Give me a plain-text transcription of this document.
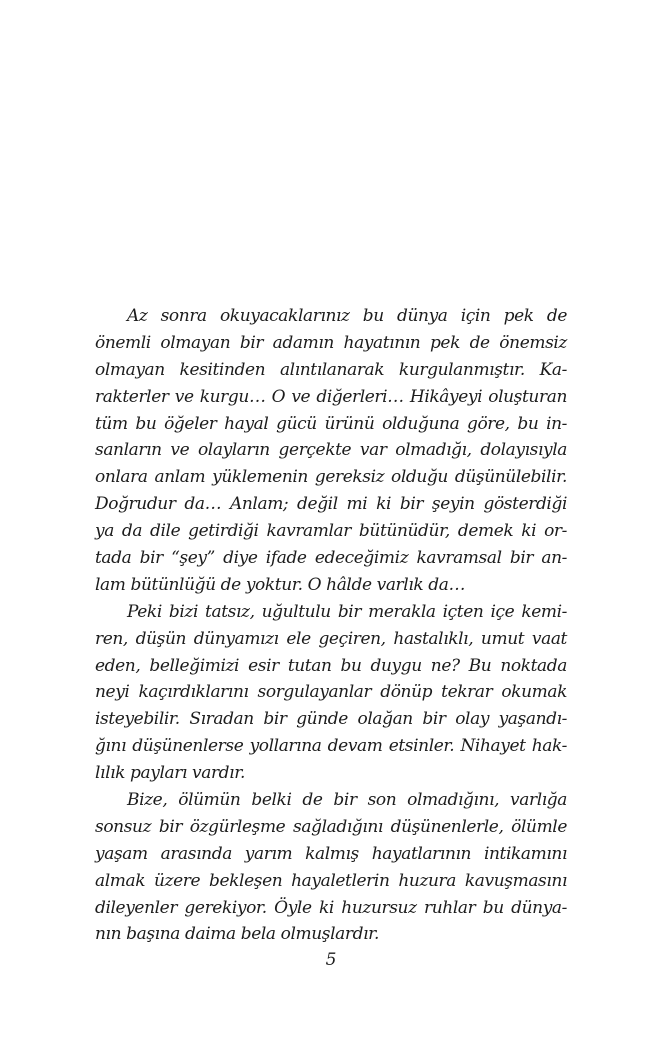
Az sonra okuyacaklarınız bu dünya için pek de
önemli olmayan bir adamın hayatının pek de önemsiz
olmayan kesitinden alıntılanarak kurgulanmıştır. Ka-
rakterler ve kurgu… O ve diğerleri… Hikâyeyi oluşturan
tüm bu öğeler hayal gücü ürünü olduğuna göre, bu in-
sanların ve olayların gerçekte var olmadığı, dolayısıyla
onlara anlam yüklemenin gereksiz olduğu düşünülebilir.
Doğrudur da… Anlam; değil mi ki bir şeyin gösterdiği
ya da dile getirdiği kavramlar bütünüdür, demek ki or-
tada bir “şey” diye ifade edeceğimiz kavramsal bir an-
lam bütünlüğü de yoktur. O hâlde varlık da…
Peki bizi tatsız, uğultulu bir merakla içten içe kemi-
ren, düşün dünyamızı ele geçiren, hastalıklı, umut vaat
eden, belleğimizi esir tutan bu duygu ne? Bu noktada
neyi kaçırdıklarını sorgulayanlar dönüp tekrar okumak
isteyebilir. Sıradan bir günde olağan bir olay yaşandı-
ğını düşünenlerse yollarına devam etsinler. Nihayet hak-
lılık payları vardır.
Bize, ölümün belki de bir son olmadığını, varlığa
sonsuz bir özgürleşme sağladığını düşünenlerle, ölümle
yaşam arasında yarım kalmış hayatlarının intikamını
almak üzere bekleşen hayaletlerin huzura kavuşmasını
dileyenler gerekiyor. Öyle ki huzursuz ruhlar bu dünya-
nın başına daima bela olmuşlardır.
5
